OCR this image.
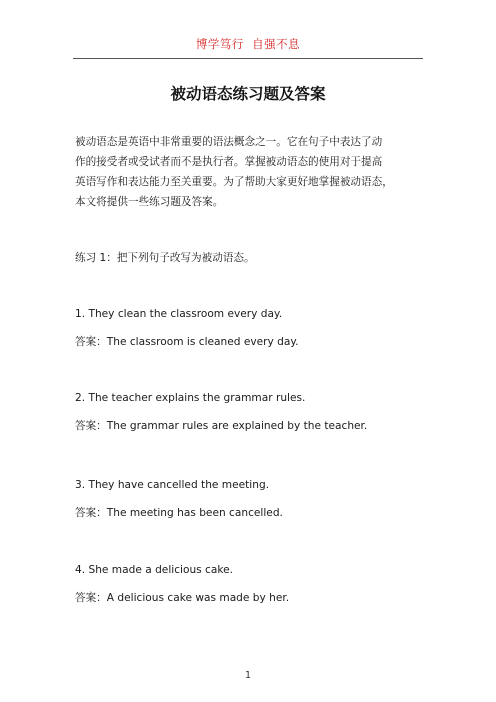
博学笃行  自强不息
被动语态练习题及答案
被动语态是英语中非常重要的语法概念之一。它在句子中表达了动
作的接受者或受试者而不是执行者。掌握被动语态的使用对于提高
英语写作和表达能力至关重要。为了帮助大家更好地掌握被动语态，
本文将提供一些练习题及答案。
练习 1：把下列句子改写为被动语态。
1. They clean the classroom every day.
答案：The classroom is cleaned every day.
2. The teacher explains the grammar rules.
答案：The grammar rules are explained by the teacher.
3. They have cancelled the meeting.
答案：The meeting has been cancelled.
4. She made a delicious cake.
答案：A delicious cake was made by her.
1
